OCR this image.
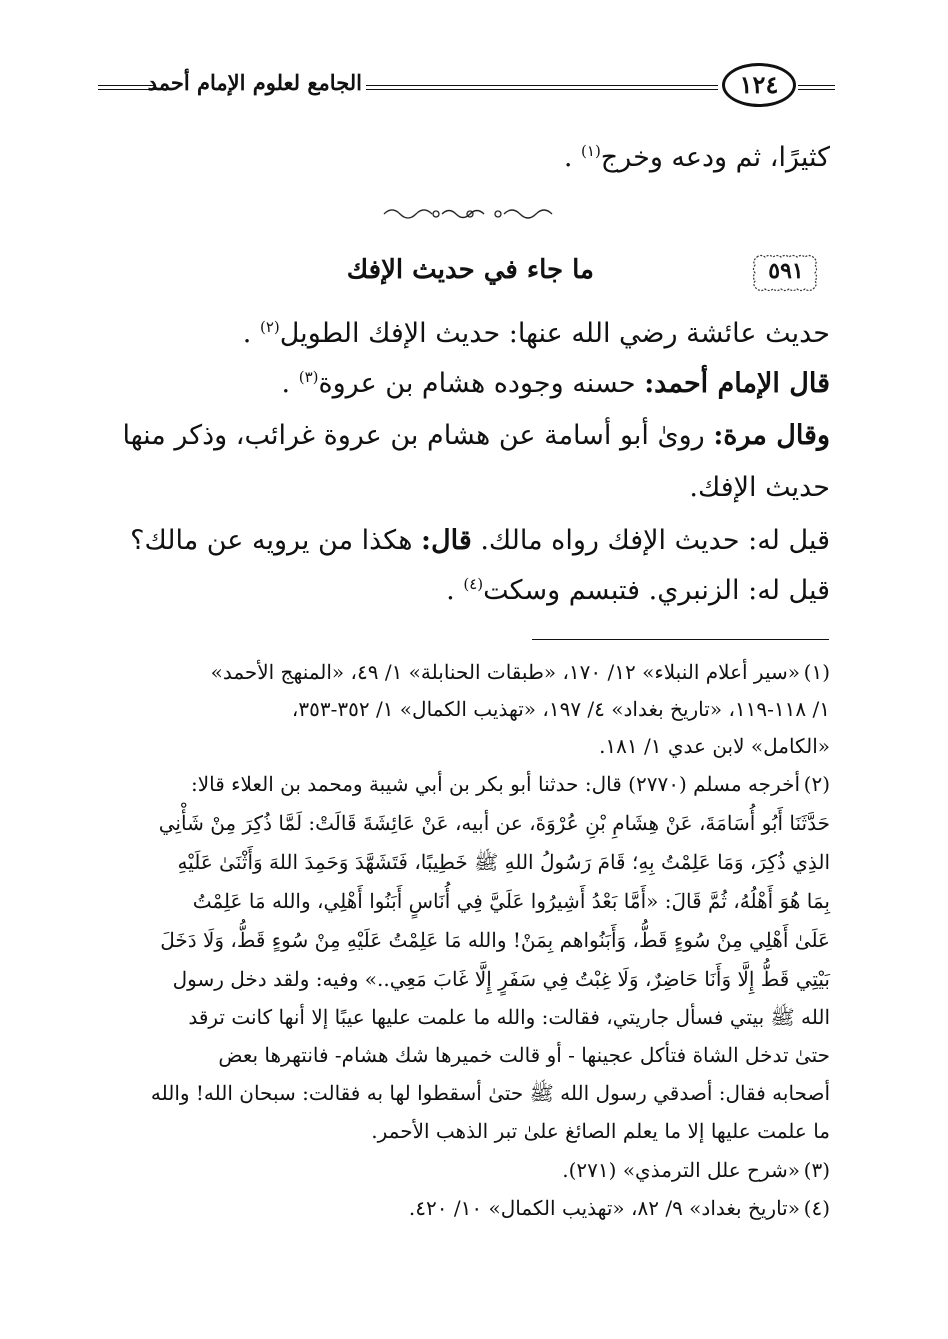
الجامع لعلوم الإمام أحمد	١٢٤
كثيرًا، ثم ودعه وخرج$^{(١)}$ .
٥٩١
ما جاء في حديث الإفك
حديث عائشة رضي الله عنها: حديث الإفك الطويل$^{(٢)}$ .
قال الإمام أحمد: حسنه وجوده هشام بن عروة$^{(٣)}$ .
وقال مرة: روىٰ أبو أسامة عن هشام بن عروة غرائب، وذكر منها
حديث الإفك.
قيل له: حديث الإفك رواه مالك. قال: هكذا من يرويه عن مالك؟
قيل له: الزنبري. فتبسم وسكت$^{(٤)}$ .
(١)
«سير أعلام النبلاء» ١٢/ ١٧٠، «طبقات الحنابلة» ١/ ٤٩، «المنهج الأحمد»
١/ ١١٨-١١٩، «تاريخ بغداد» ٤/ ١٩٧، «تهذيب الكمال» ١/ ٣٥٢-٣٥٣،
«الكامل» لابن عدي ١/ ١٨١.
(٢)
أخرجه مسلم (٢٧٧٠) قال: حدثنا أبو بكر بن أبي شيبة ومحمد بن العلاء قالا:
حَدَّثَنَا أَبُو أُسَامَةَ، عَنْ هِشَامِ بْنِ عُرْوَةَ، عن أبيه، عَنْ عَائِشَةَ قَالَتْ: لَمَّا ذُكِرَ مِنْ شَأْنِي
الذِي ذُكِرَ، وَمَا عَلِمْتُ بِهِ؛ قَامَ رَسُولُ اللهِ ﷺ خَطِيبًا، فَتَشَهَّدَ وَحَمِدَ اللهَ وَأَثْنَىٰ عَلَيْهِ
بِمَا هُوَ أَهْلُهُ، ثُمَّ قَالَ: «أَمَّا بَعْدُ أَشِيرُوا عَلَيَّ فِي أُنَاسٍ أَبَنُوا أَهْلِي، والله مَا عَلِمْتُ
عَلَىٰ أَهْلِي مِنْ سُوءٍ قَطُّ، وَأَبَنُواهم بِمَنْ! والله مَا عَلِمْتُ عَلَيْهِ مِنْ سُوءٍ قَطُّ، وَلَا دَخَلَ
بَيْتِي قَطُّ إِلَّا وَأَنَا حَاضِرٌ، وَلَا غِبْتُ فِي سَفَرٍ إِلَّا غَابَ مَعِي..» وفيه: ولقد دخل رسول
الله ﷺ بيتي فسأل جاريتي، فقالت: والله ما علمت عليها عيبًا إلا أنها كانت ترقد
حتىٰ تدخل الشاة فتأكل عجينها - أو قالت خميرها شك هشام- فانتهرها بعض
أصحابه فقال: أصدقي رسول الله ﷺ حتىٰ أسقطوا لها به فقالت: سبحان الله! والله
ما علمت عليها إلا ما يعلم الصائغ علىٰ تبر الذهب الأحمر.
(٣)
«شرح علل الترمذي» (٢٧١).
(٤)
«تاريخ بغداد» ٩/ ٨٢، «تهذيب الكمال» ١٠/ ٤٢٠.
